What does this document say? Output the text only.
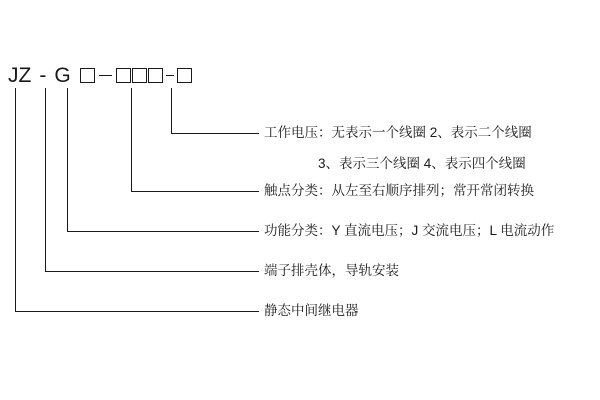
JZ - G
工作电压：无表示一个线圈 2、表示二个线圈
3、表示三个线圈 4、表示四个线圈
触点分类：从左至右顺序排列；常开常闭转换
功能分类：Y 直流电压；J 交流电压；L 电流动作
端子排壳体，导轨安装
静态中间继电器
